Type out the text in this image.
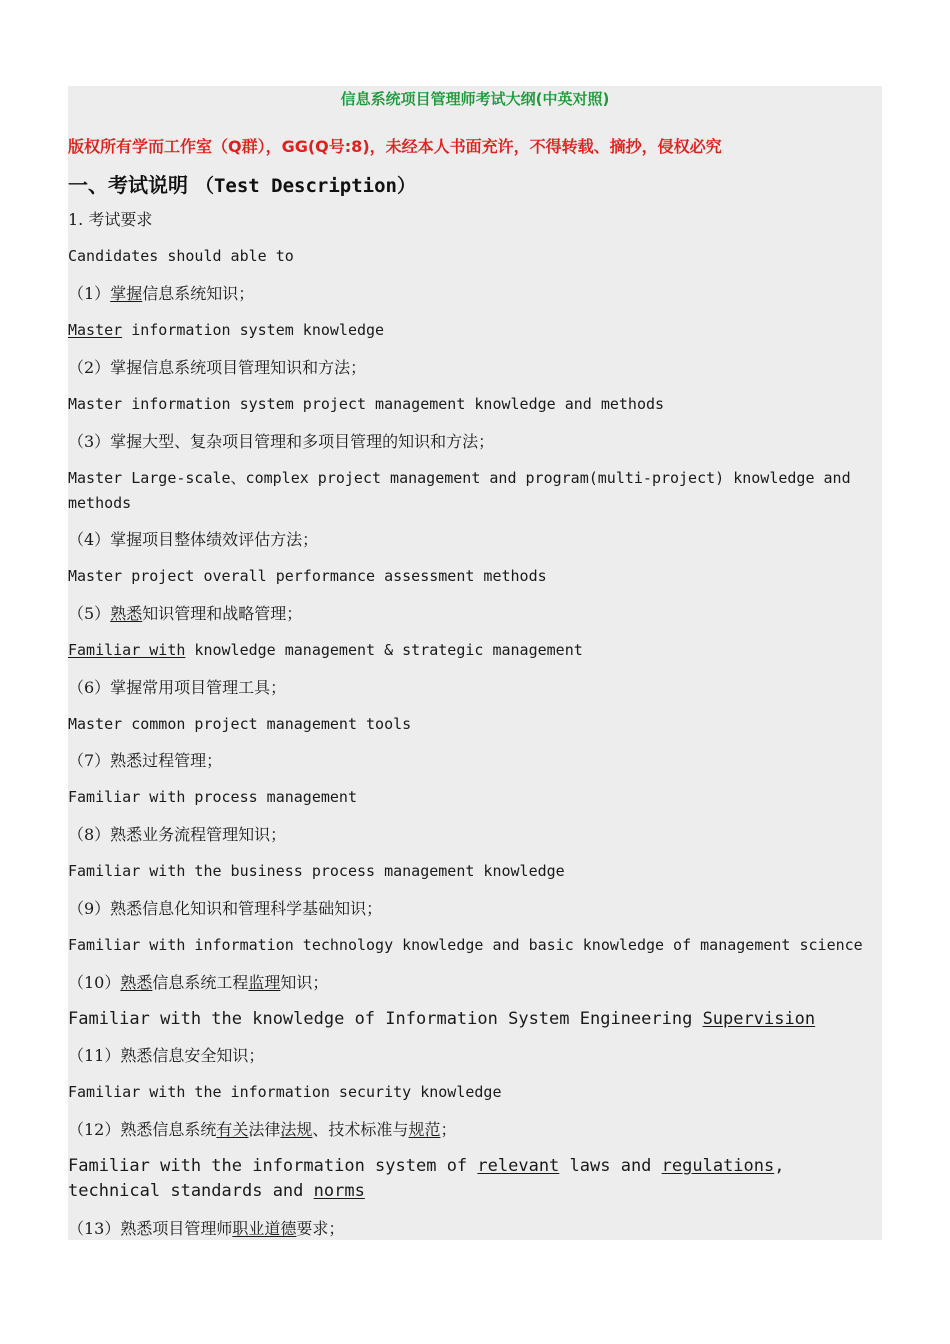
信息系统项目管理师考试大纲(中英对照)
版权所有学而工作室（Q群），GG(Q号:8)，未经本人书面充许，不得转载、摘抄，侵权必究
一、考试说明 （Test Description）
1. 考试要求
Candidates should able to
（1）掌握信息系统知识；
Master information system knowledge
（2）掌握信息系统项目管理知识和方法；
Master information system project management knowledge and methods
（3）掌握大型、复杂项目管理和多项目管理的知识和方法；
Master Large-scale、complex project management and program(multi-project) knowledge and methods
（4）掌握项目整体绩效评估方法；
Master project overall performance assessment methods
（5）熟悉知识管理和战略管理；
Familiar with knowledge management & strategic management
（6）掌握常用项目管理工具；
Master common project management tools
（7）熟悉过程管理；
Familiar with process management
（8）熟悉业务流程管理知识；
Familiar with the business process management knowledge
（9）熟悉信息化知识和管理科学基础知识；
Familiar with information technology knowledge and basic knowledge of management science
（10）熟悉信息系统工程监理知识；
Familiar with the knowledge of Information System Engineering Supervision
（11）熟悉信息安全知识；
Familiar with the information security knowledge
（12）熟悉信息系统有关法律法规、技术标准与规范；
Familiar with the information system of relevant laws and regulations, technical standards and norms
（13）熟悉项目管理师职业道德要求；
